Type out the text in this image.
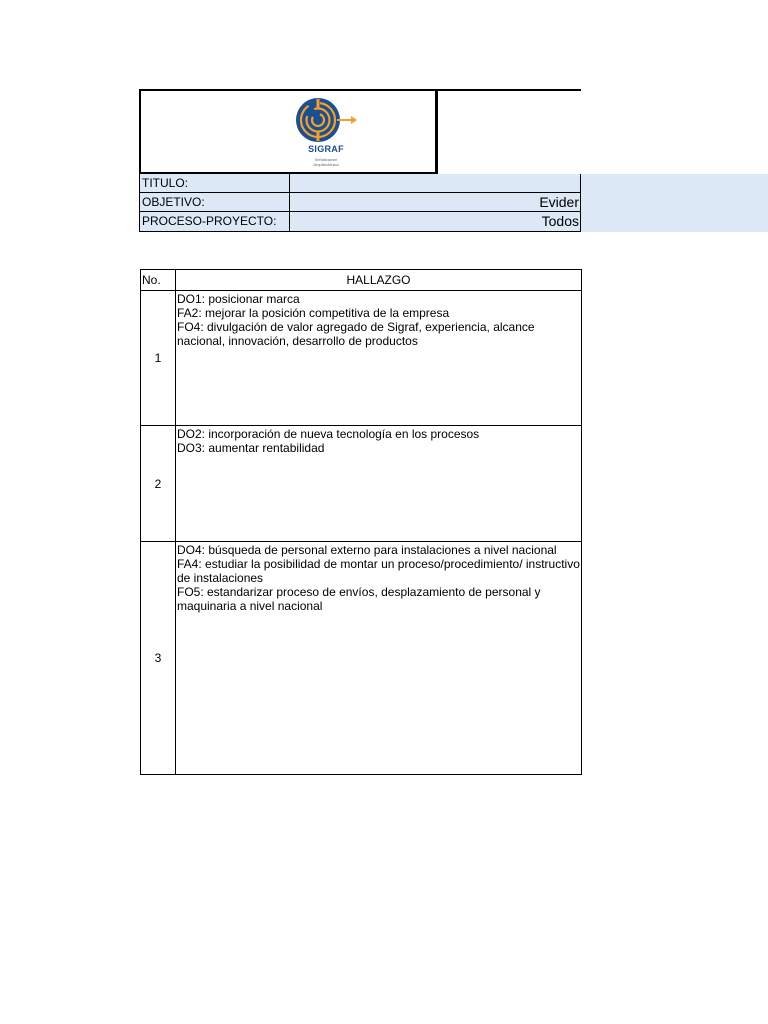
SIGRAF
Señalización
Arquitectónica
TITULO:
OBJETIVO:	Evider
PROCESO-PROYECTO:	Todos
No.	HALLAZGO
1	DO1: posicionar marca
FA2: mejorar la posición competitiva de la empresa
FO4: divulgación de valor agregado de Sigraf, experiencia, alcance nacional, innovación, desarrollo de productos

2	DO2: incorporación de nueva tecnología en los procesos
DO3: aumentar rentabilidad

3	DO4: búsqueda de personal externo para instalaciones a nivel nacional
FA4: estudiar la posibilidad de montar un proceso/procedimiento/ instructivo de instalaciones
FO5: estandarizar proceso de envíos, desplazamiento de personal y maquinaria a nivel nacional
